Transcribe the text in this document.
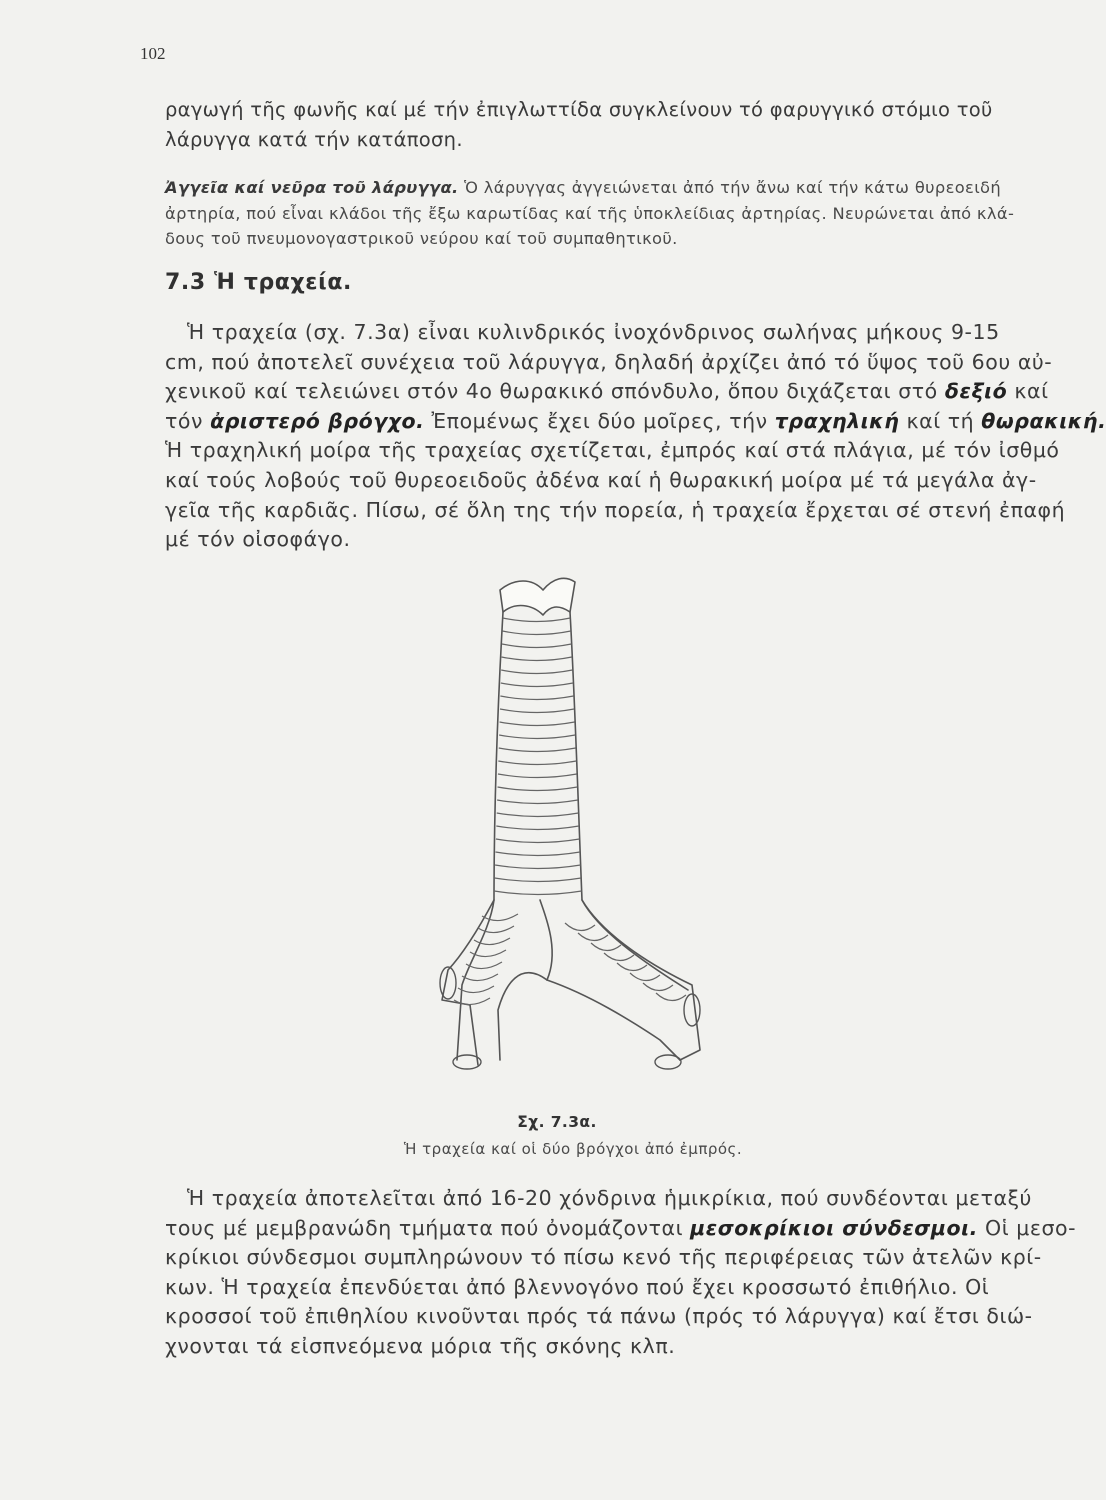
102
ραγωγή τῆς φωνῆς καί μέ τήν ἐπιγλωττίδα συγκλείνουν τό φαρυγγικό στόμιο τοῦ
λάρυγγα κατά τήν κατάποση.
Ἀγγεῖα καί νεῦρα τοῦ λάρυγγα. Ὁ λάρυγγας ἀγγειώνεται ἀπό τήν ἄνω καί τήν κάτω θυρεοειδή
ἀρτηρία, πού εἶναι κλάδοι τῆς ἔξω καρωτίδας καί τῆς ὑποκλείδιας ἀρτηρίας. Νευρώνεται ἀπό κλά-
δους τοῦ πνευμονογαστρικοῦ νεύρου καί τοῦ συμπαθητικοῦ.
7.3 Ἡ τραχεία.
Ἡ τραχεία (σχ. 7.3α) εἶναι κυλινδρικός ἰνοχόνδρινος σωλήνας μήκους 9-15
cm, πού ἀποτελεῖ συνέχεια τοῦ λάρυγγα, δηλαδή ἀρχίζει ἀπό τό ὕψος τοῦ 6ου αὐ-
χενικοῦ καί τελειώνει στόν 4ο θωρακικό σπόνδυλο, ὅπου διχάζεται στό δεξιό καί
τόν ἀριστερό βρόγχο. Ἐπομένως ἔχει δύο μοῖρες, τήν τραχηλική καί τή θωρακική.
Ἡ τραχηλική μοίρα τῆς τραχείας σχετίζεται, ἐμπρός καί στά πλάγια, μέ τόν ἰσθμό
καί τούς λοβούς τοῦ θυρεοειδοῦς ἀδένα καί ἡ θωρακική μοίρα μέ τά μεγάλα ἀγ-
γεῖα τῆς καρδιᾶς. Πίσω, σέ ὅλη της τήν πορεία, ἡ τραχεία ἔρχεται σέ στενή ἐπαφή
μέ τόν οἰσοφάγο.
Σχ. 7.3α.
Ἡ τραχεία καί οἱ δύο βρόγχοι ἀπό ἐμπρός.
Ἡ τραχεία ἀποτελεῖται ἀπό 16-20 χόνδρινα ἡμικρίκια, πού συνδέονται μεταξύ
τους μέ μεμβρανώδη τμήματα πού ὀνομάζονται μεσοκρίκιοι σύνδεσμοι. Οἱ μεσο-
κρίκιοι σύνδεσμοι συμπληρώνουν τό πίσω κενό τῆς περιφέρειας τῶν ἀτελῶν κρί-
κων. Ἡ τραχεία ἐπενδύεται ἀπό βλεννογόνο πού ἔχει κροσσωτό ἐπιθήλιο. Οἱ
κροσσοί τοῦ ἐπιθηλίου κινοῦνται πρός τά πάνω (πρός τό λάρυγγα) καί ἔτσι διώ-
χνονται τά εἰσπνεόμενα μόρια τῆς σκόνης κλπ.
